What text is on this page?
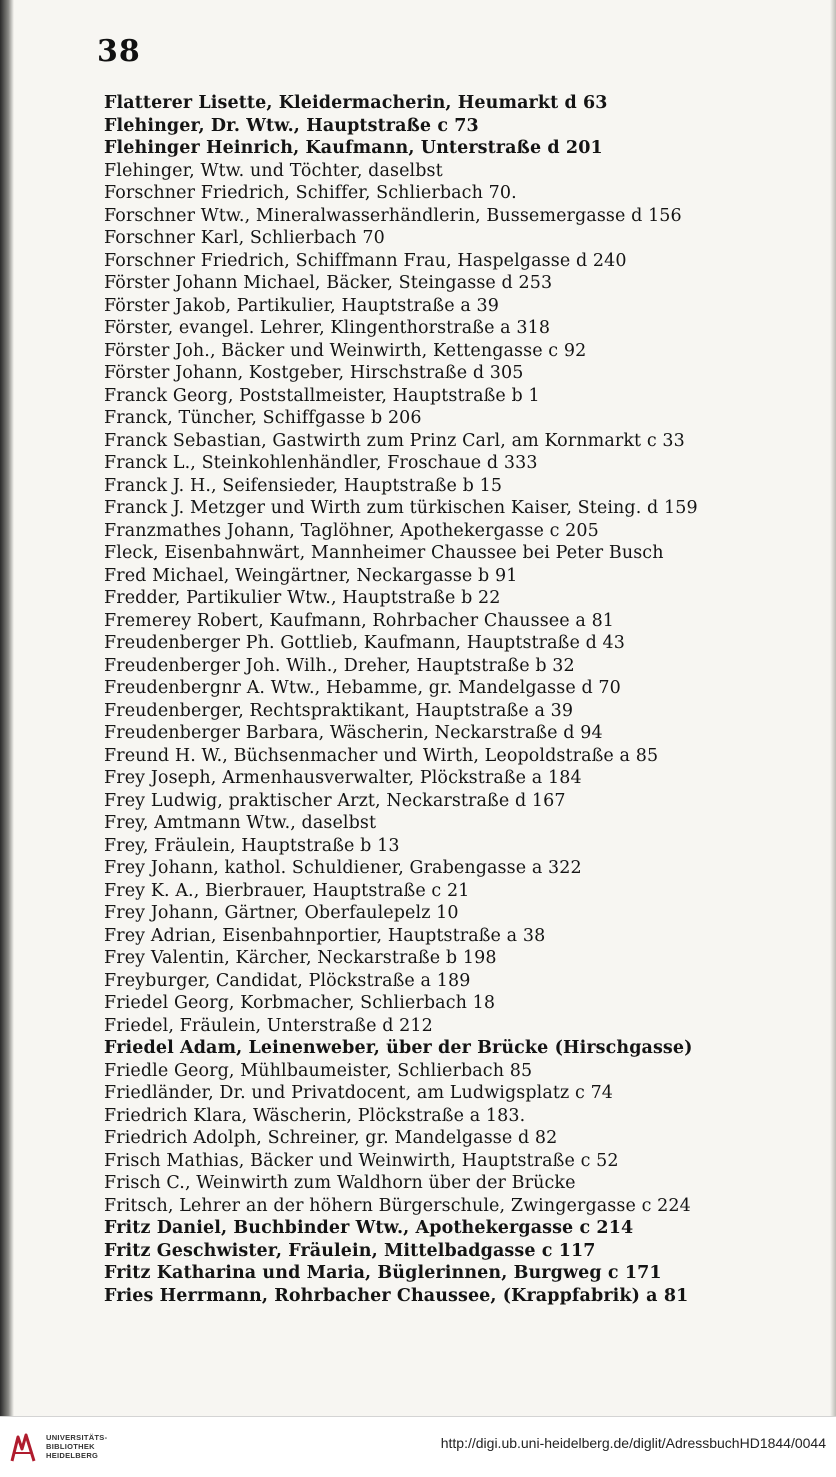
38
Flatterer Lisette, Kleidermacherin, Heumarkt d 63
Flehinger, Dr. Wtw., Hauptstraße c 73
Flehinger Heinrich, Kaufmann, Unterstraße d 201
Flehinger, Wtw. und Töchter, daselbst
Forschner Friedrich, Schiffer, Schlierbach 70.
Forschner Wtw., Mineralwasserhändlerin, Bussemergasse d 156
Forschner Karl, Schlierbach 70
Forschner Friedrich, Schiffmann Frau, Haspelgasse d 240
Förster Johann Michael, Bäcker, Steingasse d 253
Förster Jakob, Partikulier, Hauptstraße a 39
Förster, evangel. Lehrer, Klingenthorstraße a 318
Förster Joh., Bäcker und Weinwirth, Kettengasse c 92
Förster Johann, Kostgeber, Hirschstraße d 305
Franck Georg, Poststallmeister, Hauptstraße b 1
Franck, Tüncher, Schiffgasse b 206
Franck Sebastian, Gastwirth zum Prinz Carl, am Kornmarkt c 33
Franck L., Steinkohlenhändler, Froschaue d 333
Franck J. H., Seifensieder, Hauptstraße b 15
Franck J. Metzger und Wirth zum türkischen Kaiser, Steing. d 159
Franzmathes Johann, Taglöhner, Apothekergasse c 205
Fleck, Eisenbahnwärt, Mannheimer Chaussee bei Peter Busch
Fred Michael, Weingärtner, Neckargasse b 91
Fredder, Partikulier Wtw., Hauptstraße b 22
Fremerey Robert, Kaufmann, Rohrbacher Chaussee a 81
Freudenberger Ph. Gottlieb, Kaufmann, Hauptstraße d 43
Freudenberger Joh. Wilh., Dreher, Hauptstraße b 32
Freudenbergnr A. Wtw., Hebamme, gr. Mandelgasse d 70
Freudenberger, Rechtspraktikant, Hauptstraße a 39
Freudenberger Barbara, Wäscherin, Neckarstraße d 94
Freund H. W., Büchsenmacher und Wirth, Leopoldstraße a 85
Frey Joseph, Armenhausverwalter, Plöckstraße a 184
Frey Ludwig, praktischer Arzt, Neckarstraße d 167
Frey, Amtmann Wtw., daselbst
Frey, Fräulein, Hauptstraße b 13
Frey Johann, kathol. Schuldiener, Grabengasse a 322
Frey K. A., Bierbrauer, Hauptstraße c 21
Frey Johann, Gärtner, Oberfaulepelz 10
Frey Adrian, Eisenbahnportier, Hauptstraße a 38
Frey Valentin, Kärcher, Neckarstraße b 198
Freyburger, Candidat, Plöckstraße a 189
Friedel Georg, Korbmacher, Schlierbach 18
Friedel, Fräulein, Unterstraße d 212
Friedel Adam, Leinenweber, über der Brücke (Hirschgasse)
Friedle Georg, Mühlbaumeister, Schlierbach 85
Friedländer, Dr. und Privatdocent, am Ludwigsplatz c 74
Friedrich Klara, Wäscherin, Plöckstraße a 183.
Friedrich Adolph, Schreiner, gr. Mandelgasse d 82
Frisch Mathias, Bäcker und Weinwirth, Hauptstraße c 52
Frisch C., Weinwirth zum Waldhorn über der Brücke
Fritsch, Lehrer an der höhern Bürgerschule, Zwingergasse c 224
Fritz Daniel, Buchbinder Wtw., Apothekergasse c 214
Fritz Geschwister, Fräulein, Mittelbadgasse c 117
Fritz Katharina und Maria, Büglerinnen, Burgweg c 171
Fries Herrmann, Rohrbacher Chaussee, (Krappfabrik) a 81
UNIVERSITÄTS-
BIBLIOTHEK
HEIDELBERG
http://digi.ub.uni-heidelberg.de/diglit/AdressbuchHD1844/0044
